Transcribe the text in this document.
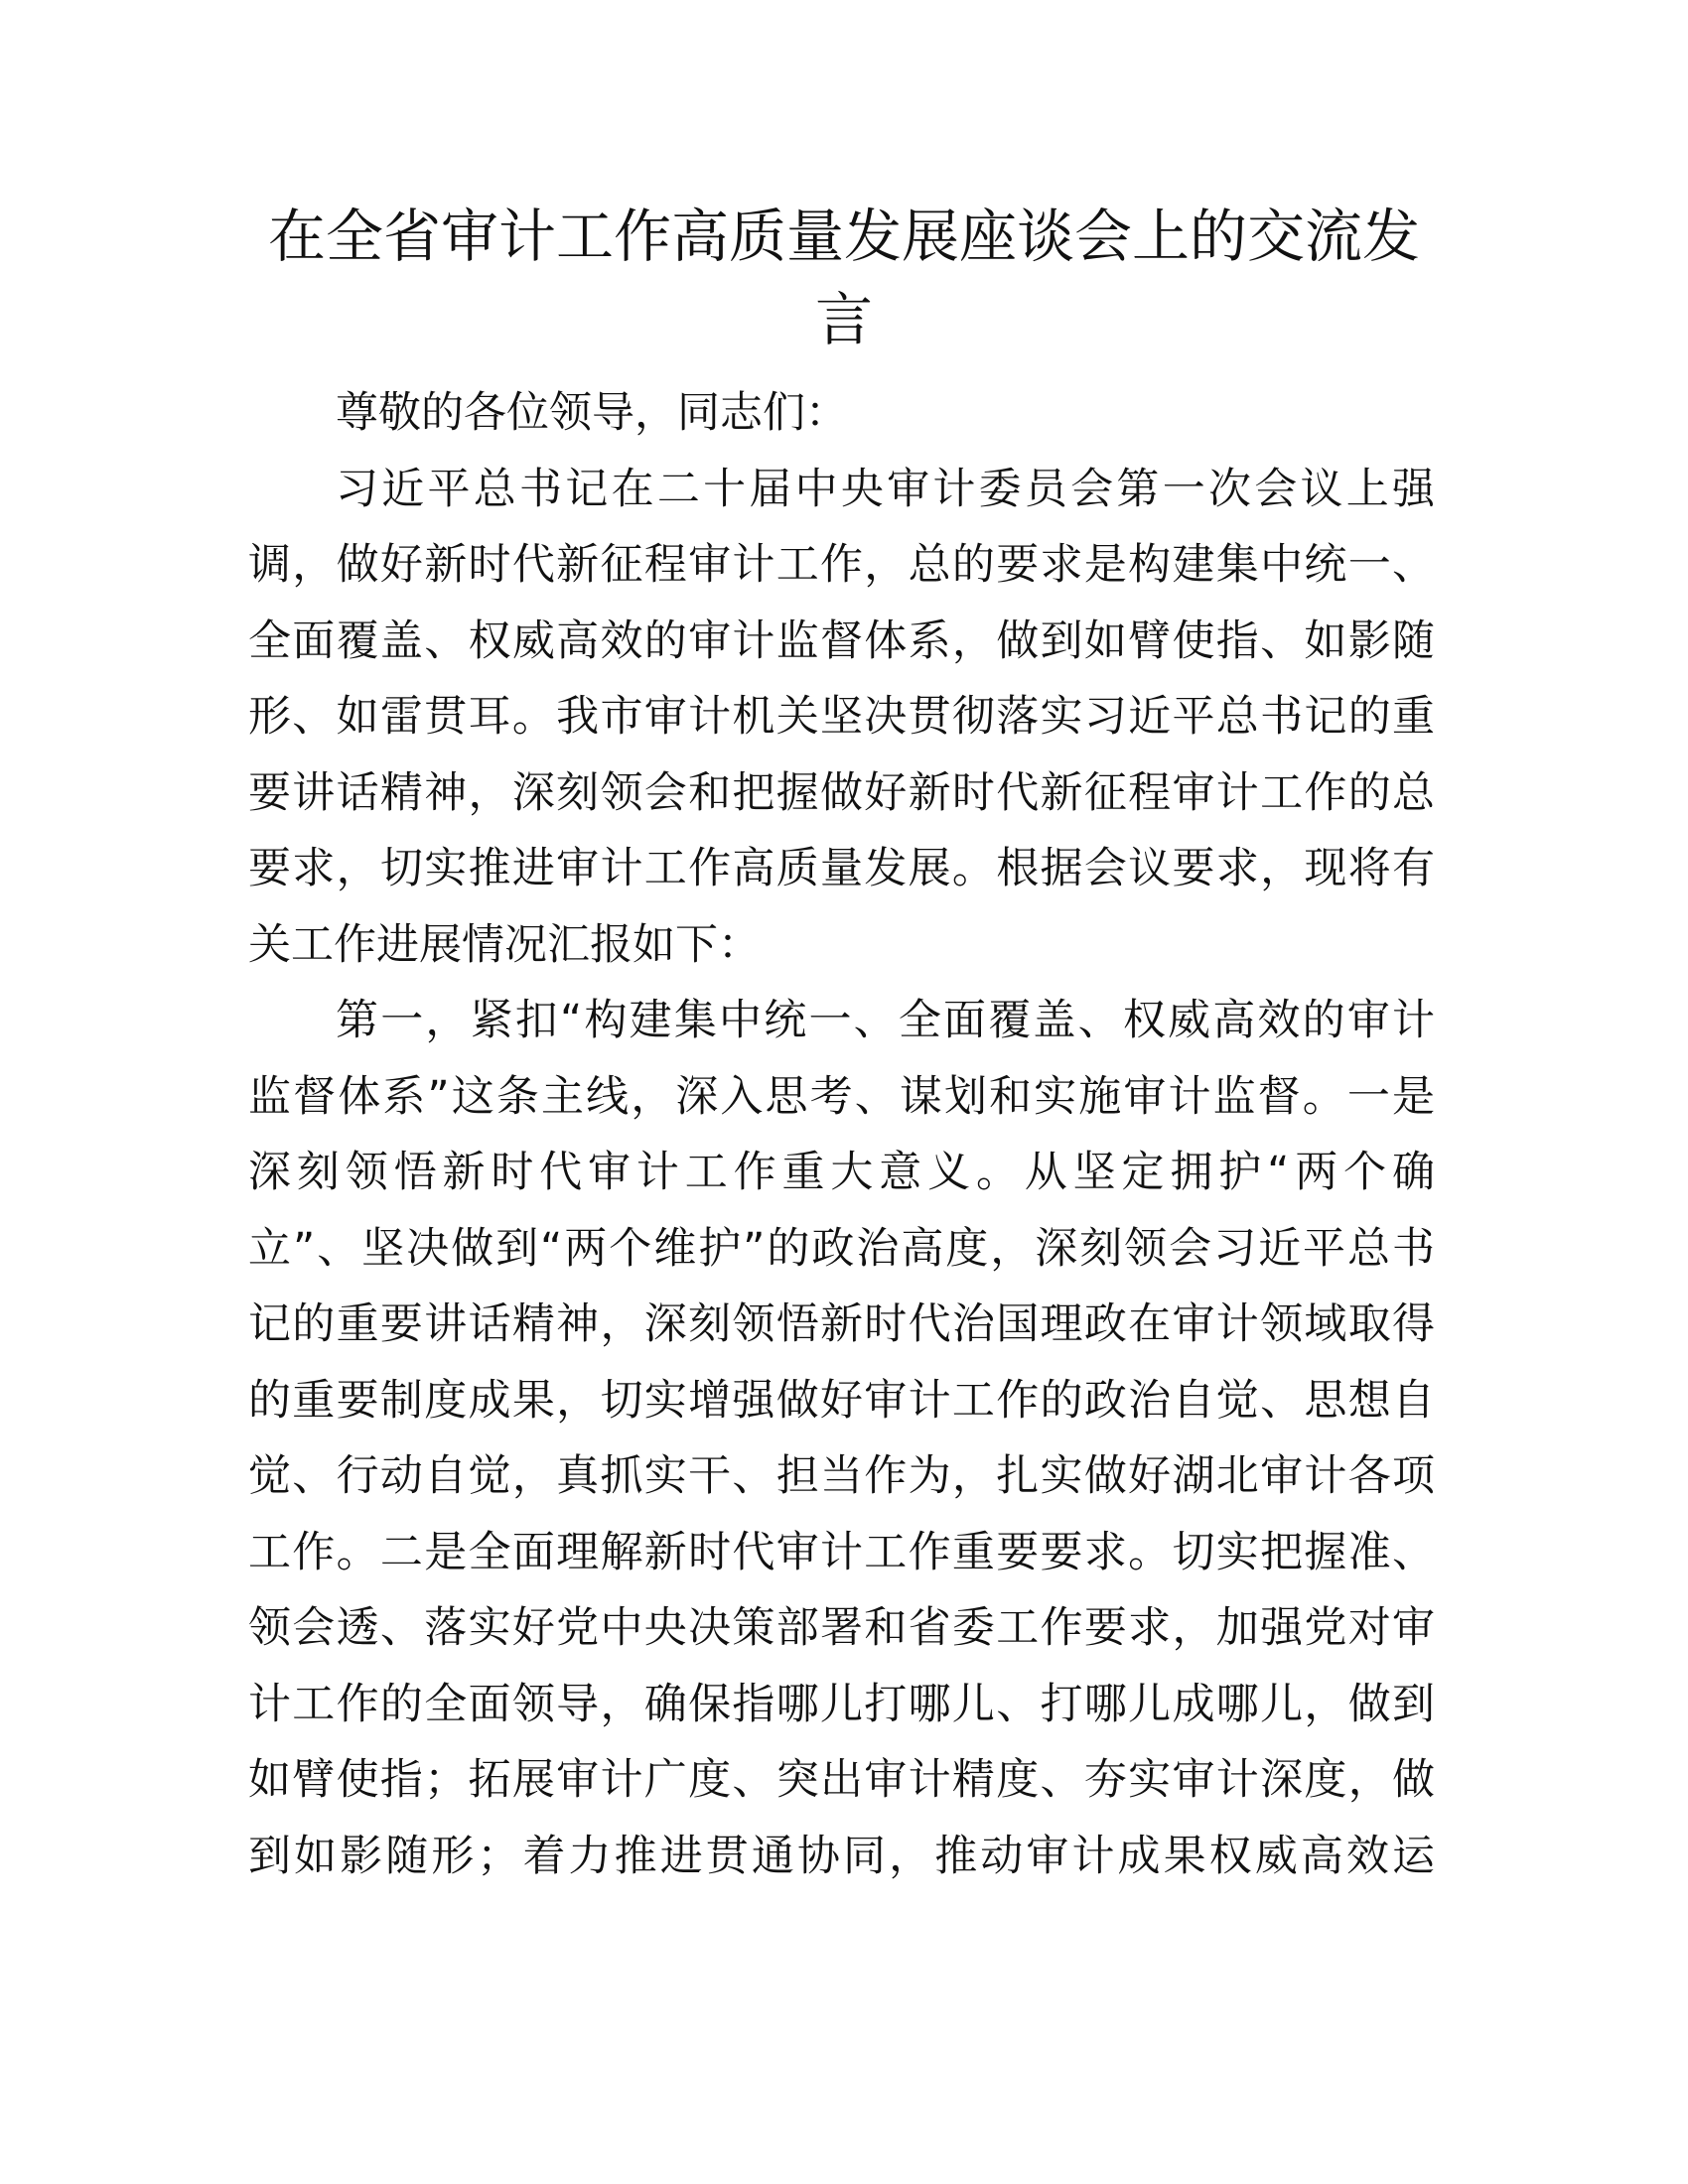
在全省审计工作高质量发展座谈会上的交流发
言
尊敬的各位领导，同志们：
习近平总书记在二十届中央审计委员会第一次会议上强
调，做好新时代新征程审计工作，总的要求是构建集中统一、
全面覆盖、权威高效的审计监督体系，做到如臂使指、如影随
形、如雷贯耳。我市审计机关坚决贯彻落实习近平总书记的重
要讲话精神，深刻领会和把握做好新时代新征程审计工作的总
要求，切实推进审计工作高质量发展。根据会议要求，现将有
关工作进展情况汇报如下：
第一，紧扣“构建集中统一、全面覆盖、权威高效的审计
监督体系”这条主线，深入思考、谋划和实施审计监督。一是
深刻领悟新时代审计工作重大意义。从坚定拥护“两个确
立”、坚决做到“两个维护”的政治高度，深刻领会习近平总书
记的重要讲话精神，深刻领悟新时代治国理政在审计领域取得
的重要制度成果，切实增强做好审计工作的政治自觉、思想自
觉、行动自觉，真抓实干、担当作为，扎实做好湖北审计各项
工作。二是全面理解新时代审计工作重要要求。切实把握准、
领会透、落实好党中央决策部署和省委工作要求，加强党对审
计工作的全面领导，确保指哪儿打哪儿、打哪儿成哪儿，做到
如臂使指；拓展审计广度、突出审计精度、夯实审计深度，做
到如影随形；着力推进贯通协同，推动审计成果权威高效运
